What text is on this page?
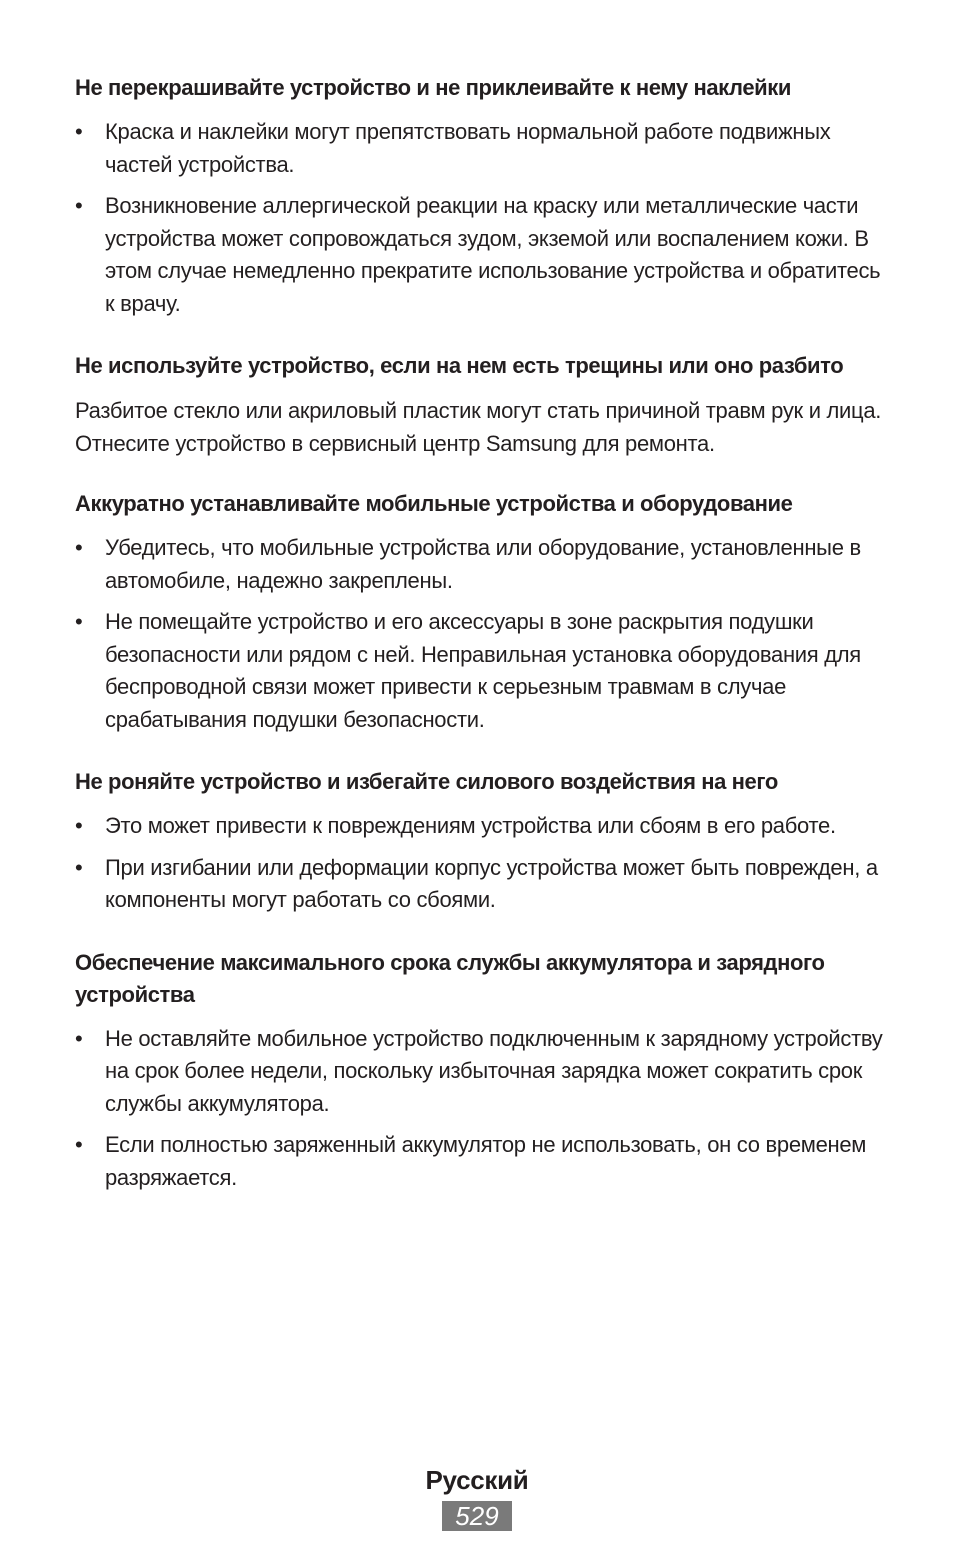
Не перекрашивайте устройство и не приклеивайте к нему наклейки
• Краска и наклейки могут препятствовать нормальной работе подвижных частей устройства.
• Возникновение аллергической реакции на краску или металлические части устройства может сопровождаться зудом, экземой или воспалением кожи. В этом случае немедленно прекратите использование устройства и обратитесь к врачу.
Не используйте устройство, если на нем есть трещины или оно разбито

Разбитое стекло или акриловый пластик могут стать причиной травм рук и лица. Отнесите устройство в сервисный центр Samsung для ремонта.

Аккуратно устанавливайте мобильные устройства и оборудование
• Убедитесь, что мобильные устройства или оборудование, установленные в автомобиле, надежно закреплены.
• Не помещайте устройство и его аксессуары в зоне раскрытия подушки безопасности или рядом с ней. Неправильная установка оборудования для беспроводной связи может привести к серьезным травмам в случае срабатывания подушки безопасности.
Не роняйте устройство и избегайте силового воздействия на него
• Это может привести к повреждениям устройства или сбоям в его работе.
• При изгибании или деформации корпус устройства может быть поврежден, а компоненты могут работать со сбоями.
Обеспечение максимального срока службы аккумулятора и зарядного устройства
• Не оставляйте мобильное устройство подключенным к зарядному устройству на срок более недели, поскольку избыточная зарядка может сократить срок службы аккумулятора.
• Если полностью заряженный аккумулятор не использовать, он со временем разряжается.
Русский
529
